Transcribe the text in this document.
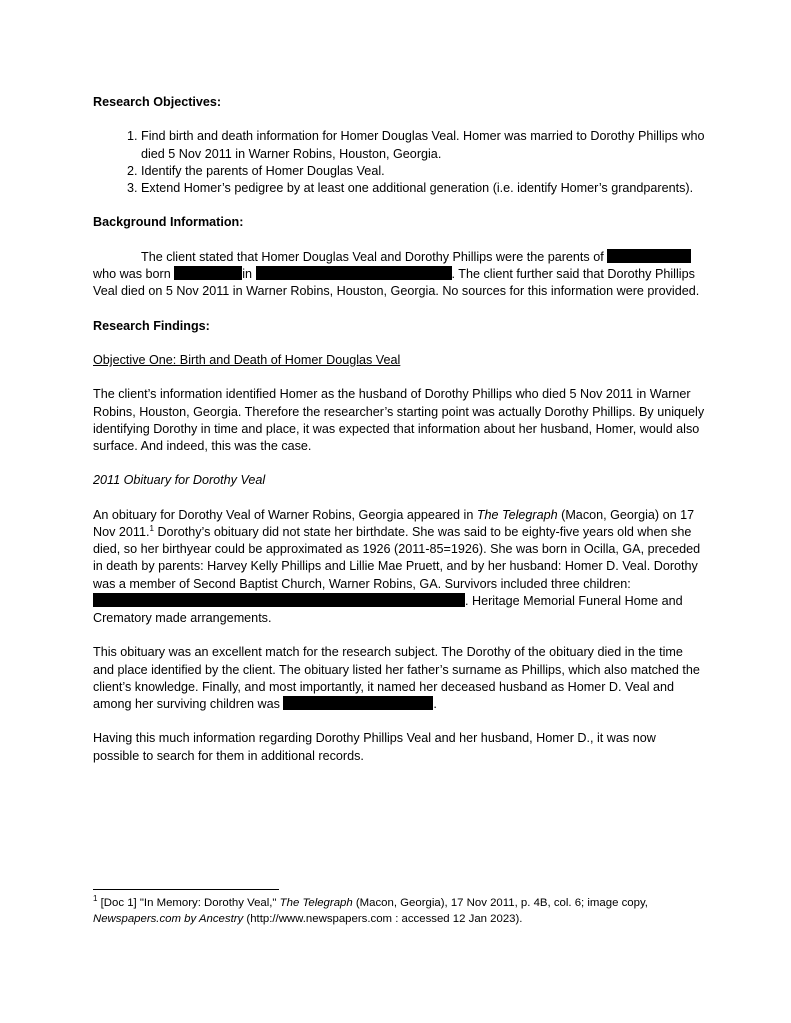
Research Objectives:

1. Find birth and death information for Homer Douglas Veal. Homer was married to Dorothy Phillips who died 5 Nov 2011 in Warner Robins, Houston, Georgia.
2. Identify the parents of Homer Douglas Veal.
3. Extend Homer’s pedigree by at least one additional generation (i.e. identify Homer’s grandparents).

Background Information:

The client stated that Homer Douglas Veal and Dorothy Phillips were the parents of  who was born	in	. The client further said that Dorothy Phillips Veal died on 5 Nov 2011 in Warner Robins, Houston, Georgia. No sources for this information were provided.

Research Findings:

Objective One: Birth and Death of Homer Douglas Veal

The client’s information identified Homer as the husband of Dorothy Phillips who died 5 Nov 2011 in Warner Robins, Houston, Georgia. Therefore the researcher’s starting point was actually Dorothy Phillips. By uniquely identifying Dorothy in time and place, it was expected that information about her husband, Homer, would also surface. And indeed, this was the case.

2011 Obituary for Dorothy Veal

An obituary for Dorothy Veal of Warner Robins, Georgia appeared in The Telegraph (Macon, Georgia) on 17 Nov 2011.$^1$ Dorothy’s obituary did not state her birthdate. She was said to be eighty-five years old when she died, so her birthyear could be approximated as 1926 (2011-85=1926). She was born in Ocilla, GA, preceded in death by parents: Harvey Kelly Phillips and Lillie Mae Pruett, and by her husband: Homer D. Veal. Dorothy was a member of Second Baptist Church, Warner Robins, GA. Survivors included three children: . Heritage Memorial Funeral Home and Crematory made arrangements.

This obituary was an excellent match for the research subject. The Dorothy of the obituary died in the time and place identified by the client. The obituary listed her father’s surname as Phillips, which also matched the client’s knowledge. Finally, and most importantly, it named her deceased husband as Homer D. Veal and among her surviving children was	.

Having this much information regarding Dorothy Phillips Veal and her husband, Homer D., it was now possible to search for them in additional records.

$^1$ [Doc 1] "In Memory: Dorothy Veal," The Telegraph (Macon, Georgia), 17 Nov 2011, p. 4B, col. 6; image copy, Newspapers.com by Ancestry (http://www.newspapers.com : accessed 12 Jan 2023).
